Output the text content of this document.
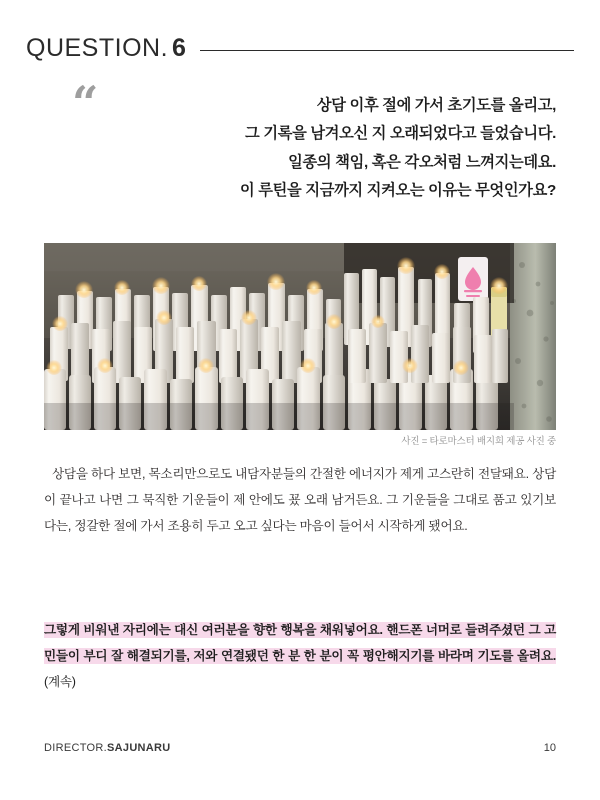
QUESTION. 6
“	상담 이후 절에 가서 초기도를 올리고,
그 기록을 남겨오신 지 오래되었다고 들었습니다.
일종의 책임, 혹은 각오처럼 느껴지는데요.
이 루틴을 지금까지 지켜오는 이유는 무엇인가요?
사진 = 타로마스터 배지희 제공 사진 중

상담을 하다 보면, 목소리만으로도 내담자분들의 간절한 에너지가 제게 고스란히 전달돼요. 상담이 끝나고 나면 그 묵직한 기운들이 제 안에도 꾰 오래 남거든요. 그 기운들을 그대로 품고 있기보다는, 정갈한 절에 가서 조용히 두고 오고 싶다는 마음이 들어서 시작하게 됐어요.

그렇게 비워낸 자리에는 대신 여러분을 향한 행복을 채워넣어요. 핸드폰 너머로 들려주셨던 그 고민들이 부디 잘 해결되기를, 저와 연결됐던 한 분 한 분이 꼭 평안해지기를 바라며 기도를 올려요. (계속)
DIRECTOR.SAJUNARU	10
